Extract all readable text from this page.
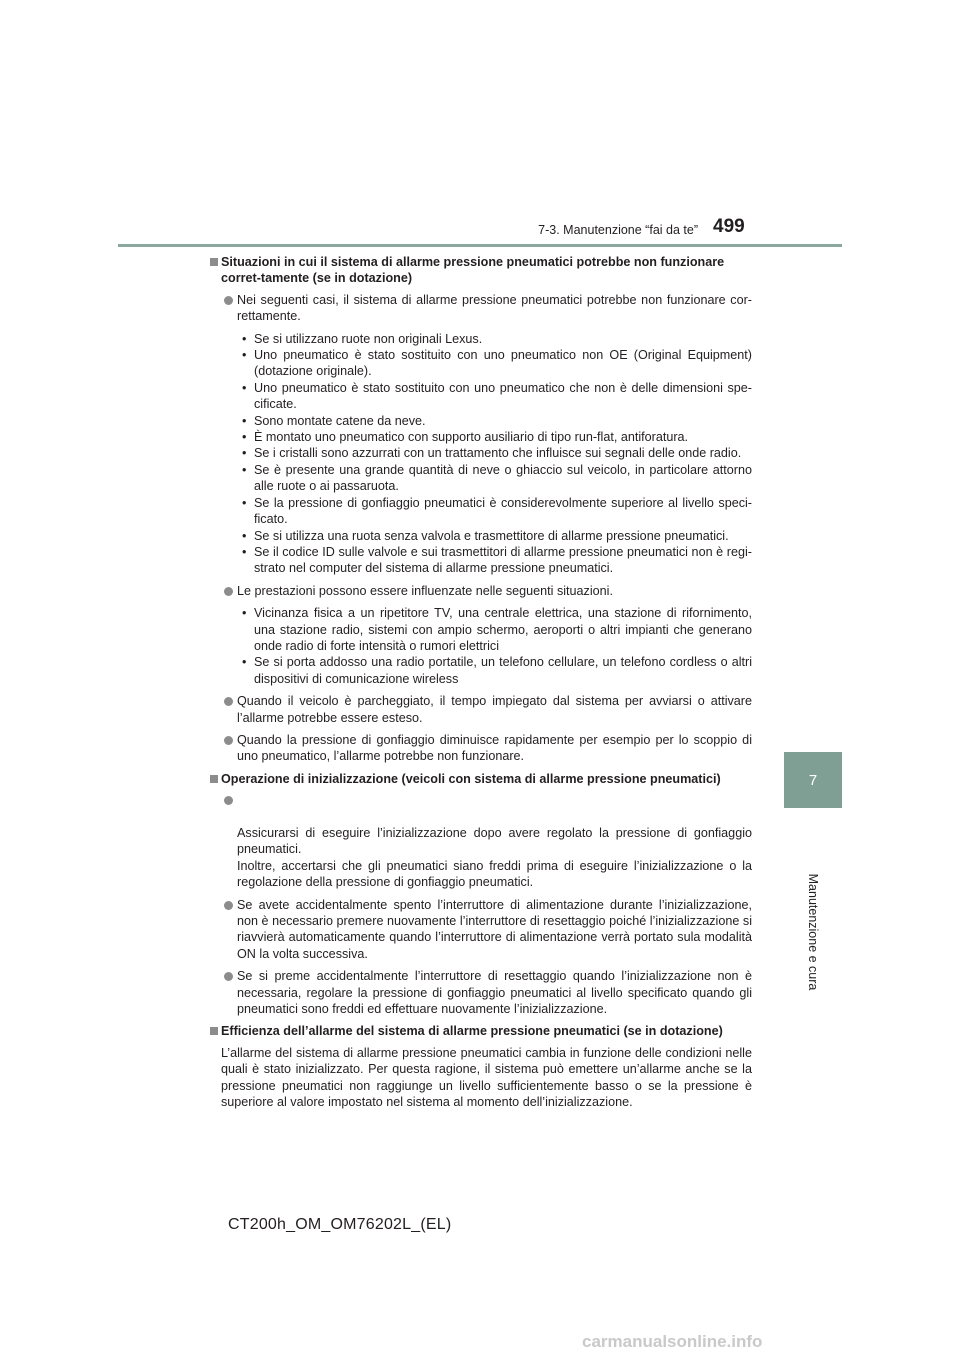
7-3. Manutenzione “fai da te” 499
7
Manutenzione e cura
Situazioni in cui il sistema di allarme pressione pneumatici potrebbe non funzionare corret-tamente (se in dotazione)
Nei seguenti casi, il sistema di allarme pressione pneumatici potrebbe non funzionare cor-rettamente.
• Se si utilizzano ruote non originali Lexus.
• Uno pneumatico è stato sostituito con uno pneumatico non OE (Original Equipment) (dotazione originale).
• Uno pneumatico è stato sostituito con uno pneumatico che non è delle dimensioni spe-cificate.
• Sono montate catene da neve.
• È montato uno pneumatico con supporto ausiliario di tipo run-flat, antiforatura.
• Se i cristalli sono azzurrati con un trattamento che influisce sui segnali delle onde radio.
• Se è presente una grande quantità di neve o ghiaccio sul veicolo, in particolare attorno alle ruote o ai passaruota.
• Se la pressione di gonfiaggio pneumatici è considerevolmente superiore al livello speci-ficato.
• Se si utilizza una ruota senza valvola e trasmettitore di allarme pressione pneumatici.
• Se il codice ID sulle valvole e sui trasmettitori di allarme pressione pneumatici non è regi-strato nel computer del sistema di allarme pressione pneumatici.
Le prestazioni possono essere influenzate nelle seguenti situazioni.
• Vicinanza fisica a un ripetitore TV, una centrale elettrica, una stazione di rifornimento, una stazione radio, sistemi con ampio schermo, aeroporti o altri impianti che generano onde radio di forte intensità o rumori elettrici
• Se si porta addosso una radio portatile, un telefono cellulare, un telefono cordless o altri dispositivi di comunicazione wireless
Quando il veicolo è parcheggiato, il tempo impiegato dal sistema per avviarsi o attivare l’allarme potrebbe essere esteso.
Quando la pressione di gonfiaggio diminuisce rapidamente per esempio per lo scoppio di uno pneumatico, l’allarme potrebbe non funzionare.
Operazione di inizializzazione (veicoli con sistema di allarme pressione pneumatici)

Assicurarsi di eseguire l’inizializzazione dopo avere regolato la pressione di gonfiaggio pneumatici.
Inoltre, accertarsi che gli pneumatici siano freddi prima di eseguire l’inizializzazione o la regolazione della pressione di gonfiaggio pneumatici.

Se avete accidentalmente spento l’interruttore di alimentazione durante l’inizializzazione, non è necessario premere nuovamente l’interruttore di resettaggio poiché l’inizializzazione si riavvierà automaticamente quando l’interruttore di alimentazione verrà portato sula modalità ON la volta successiva.
Se si preme accidentalmente l’interruttore di resettaggio quando l’inizializzazione non è necessaria, regolare la pressione di gonfiaggio pneumatici al livello specificato quando gli pneumatici sono freddi ed effettuare nuovamente l’inizializzazione.
Efficienza dell’allarme del sistema di allarme pressione pneumatici (se in dotazione)
L’allarme del sistema di allarme pressione pneumatici cambia in funzione delle condizioni nelle quali è stato inizializzato. Per questa ragione, il sistema può emettere un’allarme anche se la pressione pneumatici non raggiunge un livello sufficientemente basso o se la pressione è superiore al valore impostato nel sistema al momento dell’inizializzazione.
CT200h_OM_OM76202L_(EL)
carmanualsonline.info
